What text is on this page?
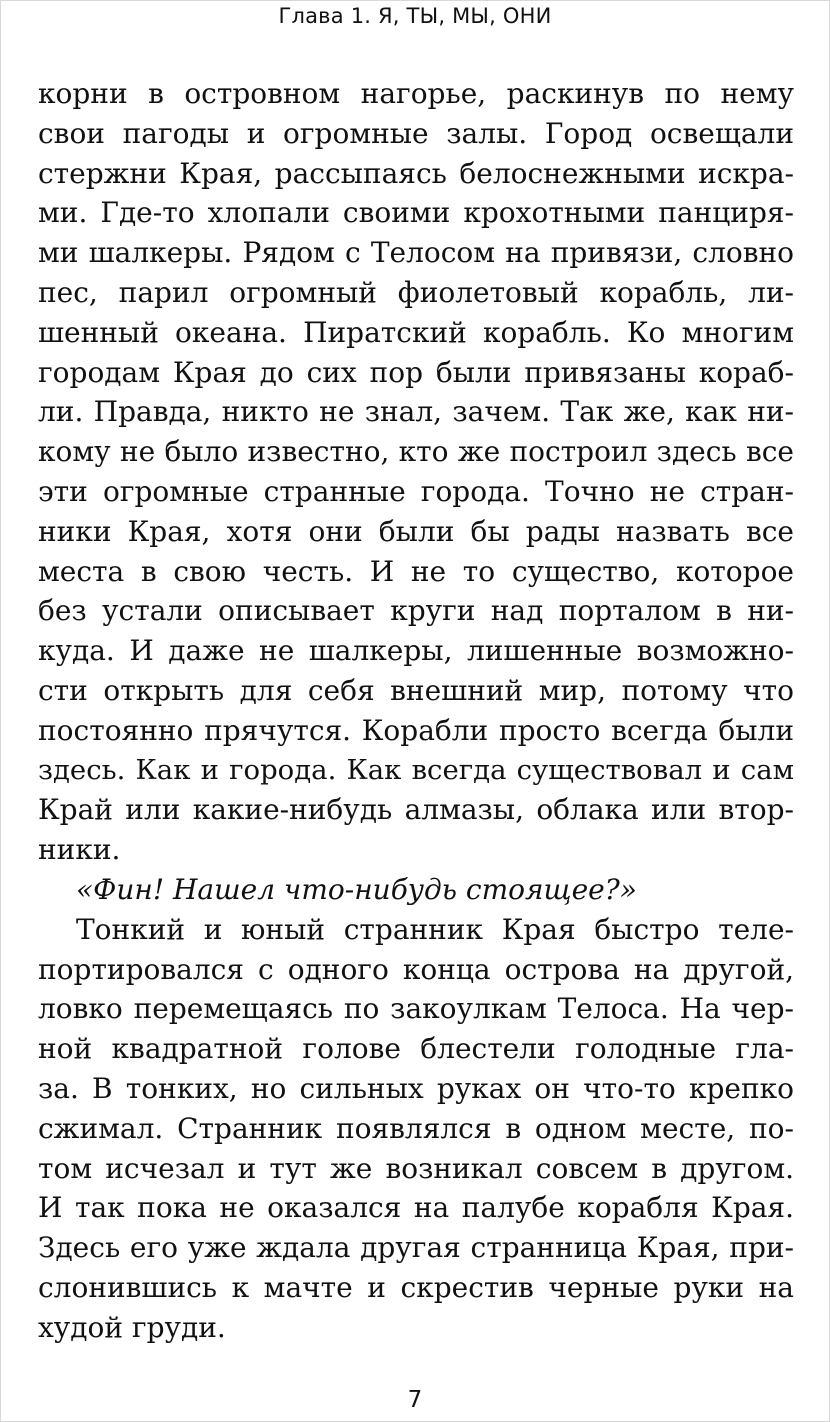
Глава 1. Я, ТЫ, МЫ, ОНИ
корни в островном нагорье, раскинув по нему
свои пагоды и огромные залы. Город освещали
стержни Края, рассыпаясь белоснежными искра-
ми. Где-то хлопали своими крохотными панциря-
ми шалкеры. Рядом с Телосом на привязи, словно
пес, парил огромный фиолетовый корабль, ли-
шенный океана. Пиратский корабль. Ко многим
городам Края до сих пор были привязаны кораб-
ли. Правда, никто не знал, зачем. Так же, как ни-
кому не было известно, кто же построил здесь все
эти огромные странные города. Точно не стран-
ники Края, хотя они были бы рады назвать все
места в свою честь. И не то существо, которое
без устали описывает круги над порталом в ни-
куда. И даже не шалкеры, лишенные возможно-
сти открыть для себя внешний мир, потому что
постоянно прячутся. Корабли просто всегда были
здесь. Как и города. Как всегда существовал и сам
Край или какие-нибудь алмазы, облака или втор-
ники.
«Фин! Нашел что-нибудь стоящее?»
Тонкий и юный странник Края быстро теле-
портировался с одного конца острова на другой,
ловко перемещаясь по закоулкам Телоса. На чер-
ной квадратной голове блестели голодные гла-
за. В тонких, но сильных руках он что-то крепко
сжимал. Странник появлялся в одном месте, по-
том исчезал и тут же возникал совсем в другом.
И так пока не оказался на палубе корабля Края.
Здесь его уже ждала другая странница Края, при-
слонившись к мачте и скрестив черные руки на
худой груди.
7
